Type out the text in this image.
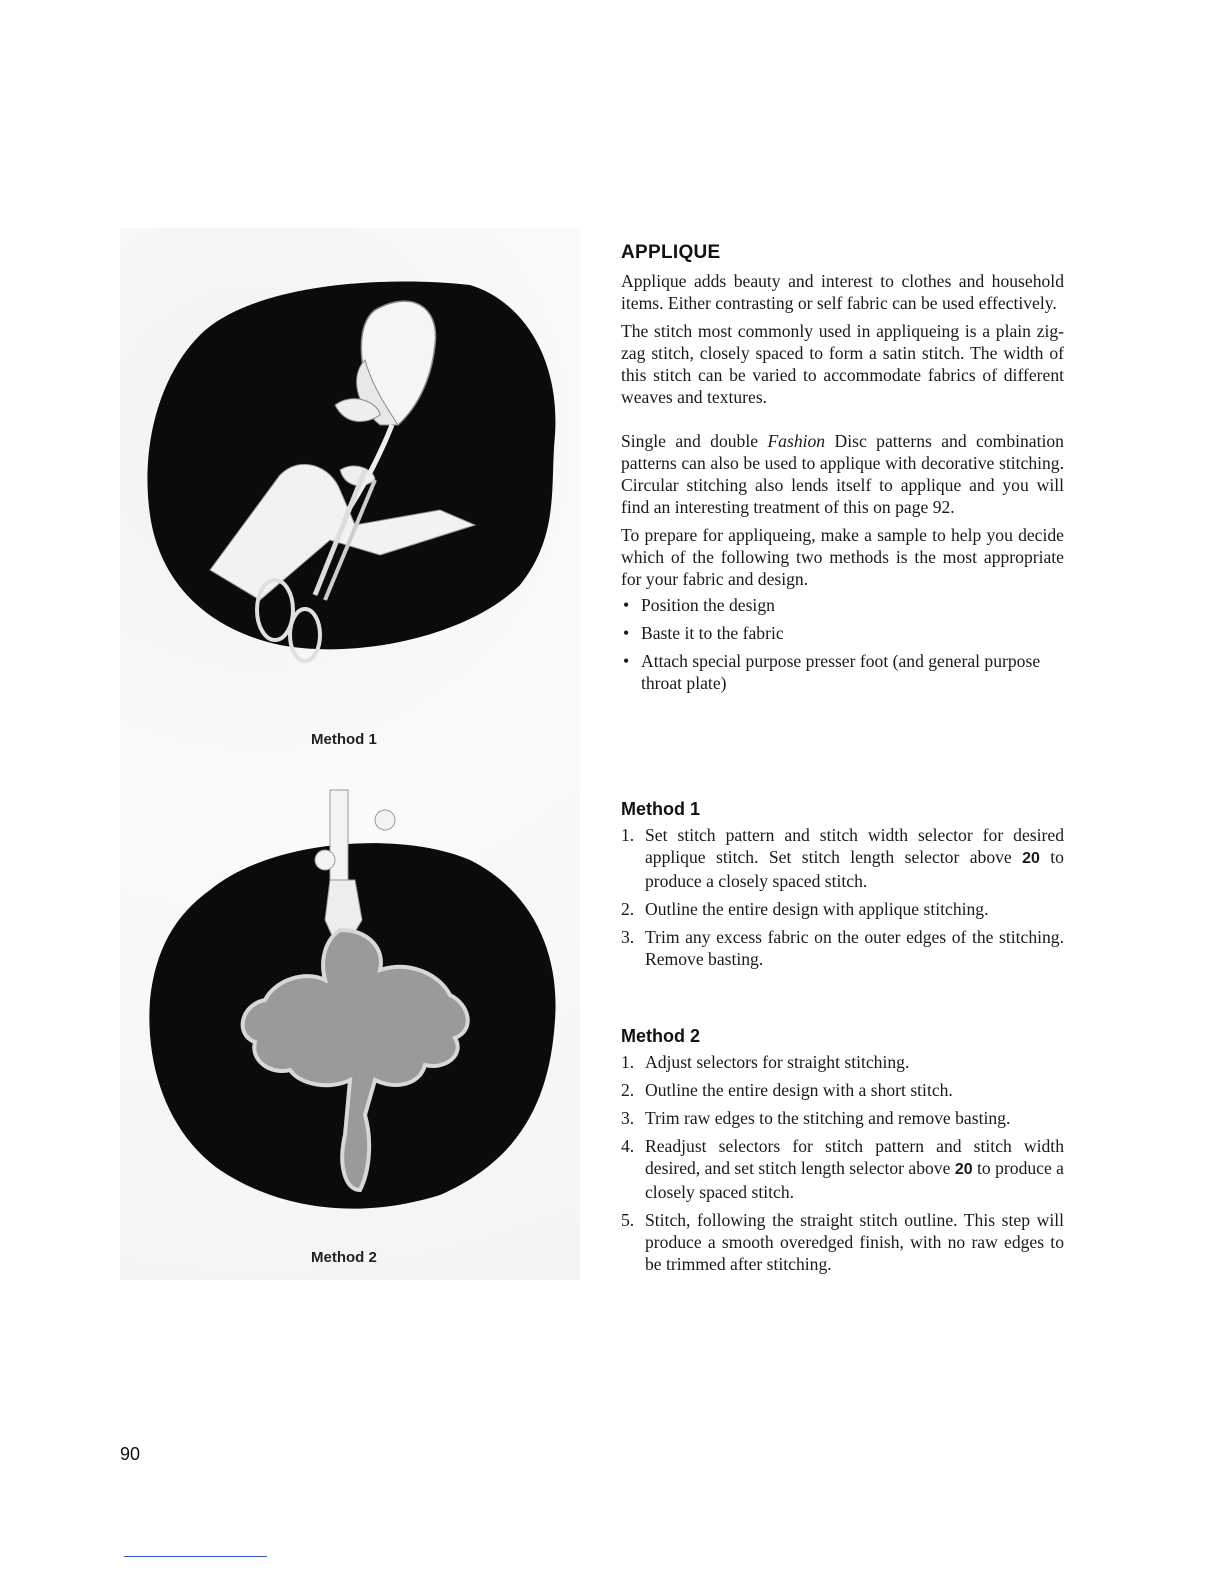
Method 1
Method 2
APPLIQUE

Applique adds beauty and interest to clothes and household items. Either contrasting or self fabric can be used effectively.

The stitch most commonly used in appliqueing is a plain zig-zag stitch, closely spaced to form a satin stitch. The width of this stitch can be varied to accommodate fabrics of different weaves and textures.

Single and double Fashion Disc patterns and combination patterns can also be used to applique with decorative stitching. Circular stitching also lends itself to applique and you will find an interesting treatment of this on page 92.

To prepare for appliqueing, make a sample to help you decide which of the following two methods is the most appropriate for your fabric and design.

• Position the design
• Baste it to the fabric
• Attach special purpose presser foot (and general purpose throat plate)
Method 1
1. Set stitch pattern and stitch width selector for desired applique stitch. Set stitch length selector above 20 to produce a closely spaced stitch.
2. Outline the entire design with applique stitching.
3. Trim any excess fabric on the outer edges of the stitching. Remove basting.
Method 2
1. Adjust selectors for straight stitching.
2. Outline the entire design with a short stitch.
3. Trim raw edges to the stitching and remove basting.
4. Readjust selectors for stitch pattern and stitch width desired, and set stitch length selector above 20 to produce a closely spaced stitch.
5. Stitch, following the straight stitch outline. This step will produce a smooth overedged finish, with no raw edges to be trimmed after stitching.
90
